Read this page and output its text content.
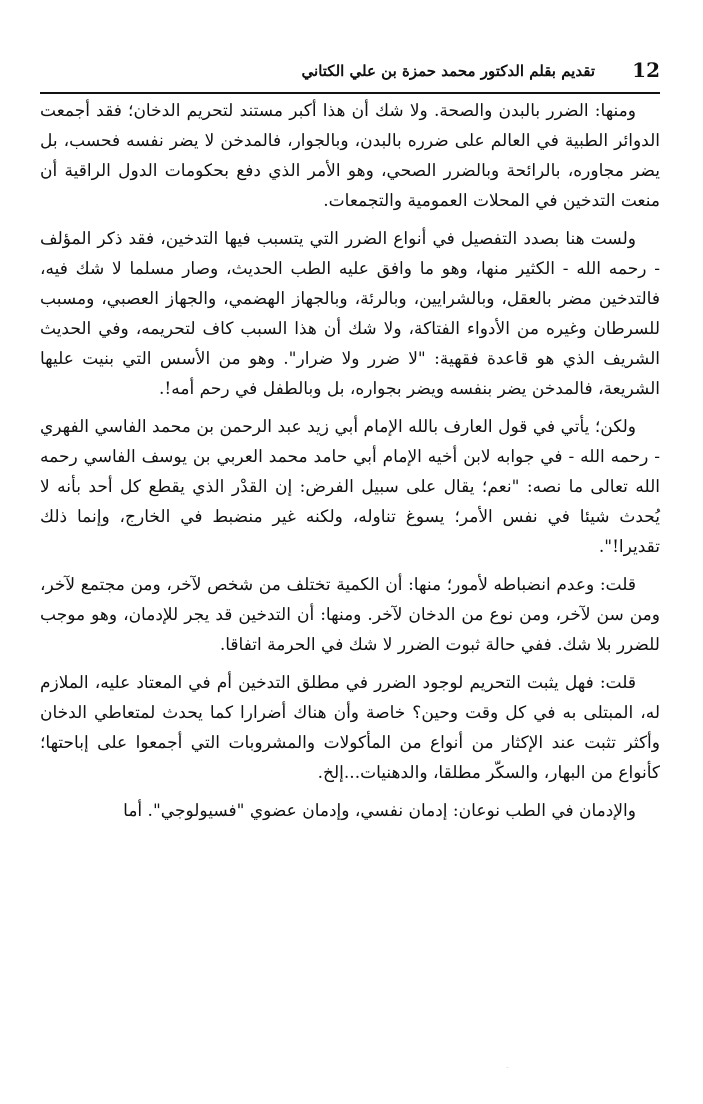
12
تقديم بقلم الدكتور محمد حمزة بن علي الكتاني

ومنها: الضرر بالبدن والصحة. ولا شك أن هذا أكبر مستند لتحريم الدخان؛ فقد أجمعت الدوائر الطبية في العالم على ضرره بالبدن، وبالجوار، فالمدخن لا يضر نفسه فحسب، بل يضر مجاوره، بالرائحة وبالضرر الصحي، وهو الأمر الذي دفع بحكومات الدول الراقية أن منعت التدخين في المحلات العمومية والتجمعات.

ولست هنا بصدد التفصيل في أنواع الضرر التي يتسبب فيها التدخين، فقد ذكر المؤلف - رحمه الله - الكثير منها، وهو ما وافق عليه الطب الحديث، وصار مسلما لا شك فيه، فالتدخين مضر بالعقل، وبالشرايين، وبالرئة، وبالجهاز الهضمي، والجهاز العصبي، ومسبب للسرطان وغيره من الأدواء الفتاكة، ولا شك أن هذا السبب كاف لتحريمه، وفي الحديث الشريف الذي هو قاعدة فقهية: "لا ضرر ولا ضرار". وهو من الأسس التي بنيت عليها الشريعة، فالمدخن يضر بنفسه ويضر بجواره، بل وبالطفل في رحم أمه!.

ولكن؛ يأتي في قول العارف بالله الإمام أبي زيد عبد الرحمن بن محمد الفاسي الفهري - رحمه الله - في جوابه لابن أخيه الإمام أبي حامد محمد العربي بن يوسف الفاسي رحمه الله تعالى ما نصه: "نعم؛ يقال على سبيل الفرض: إن القدْر الذي يقطع كل أحد بأنه لا يُحدث شيئا في نفس الأمر؛ يسوغ تناوله، ولكنه غير منضبط في الخارج، وإنما ذلك تقديرا!".

قلت: وعدم انضباطه لأمور؛ منها: أن الكمية تختلف من شخص لآخر، ومن مجتمع لآخر، ومن سن لآخر، ومن نوع من الدخان لآخر. ومنها: أن التدخين قد يجر للإدمان، وهو موجب للضرر بلا شك. ففي حالة ثبوت الضرر لا شك في الحرمة اتفاقا.

قلت: فهل يثبت التحريم لوجود الضرر في مطلق التدخين أم في المعتاد عليه، الملازم له، المبتلى به في كل وقت وحين؟ خاصة وأن هناك أضرارا كما يحدث لمتعاطي الدخان وأكثر تثبت عند الإكثار من أنواع من المأكولات والمشروبات التي أجمعوا على إباحتها؛ كأنواع من البهار، والسكّر مطلقا، والدهنيات...إلخ.

والإدمان في الطب نوعان: إدمان نفسي، وإدمان عضوي "فسيولوجي". أما
